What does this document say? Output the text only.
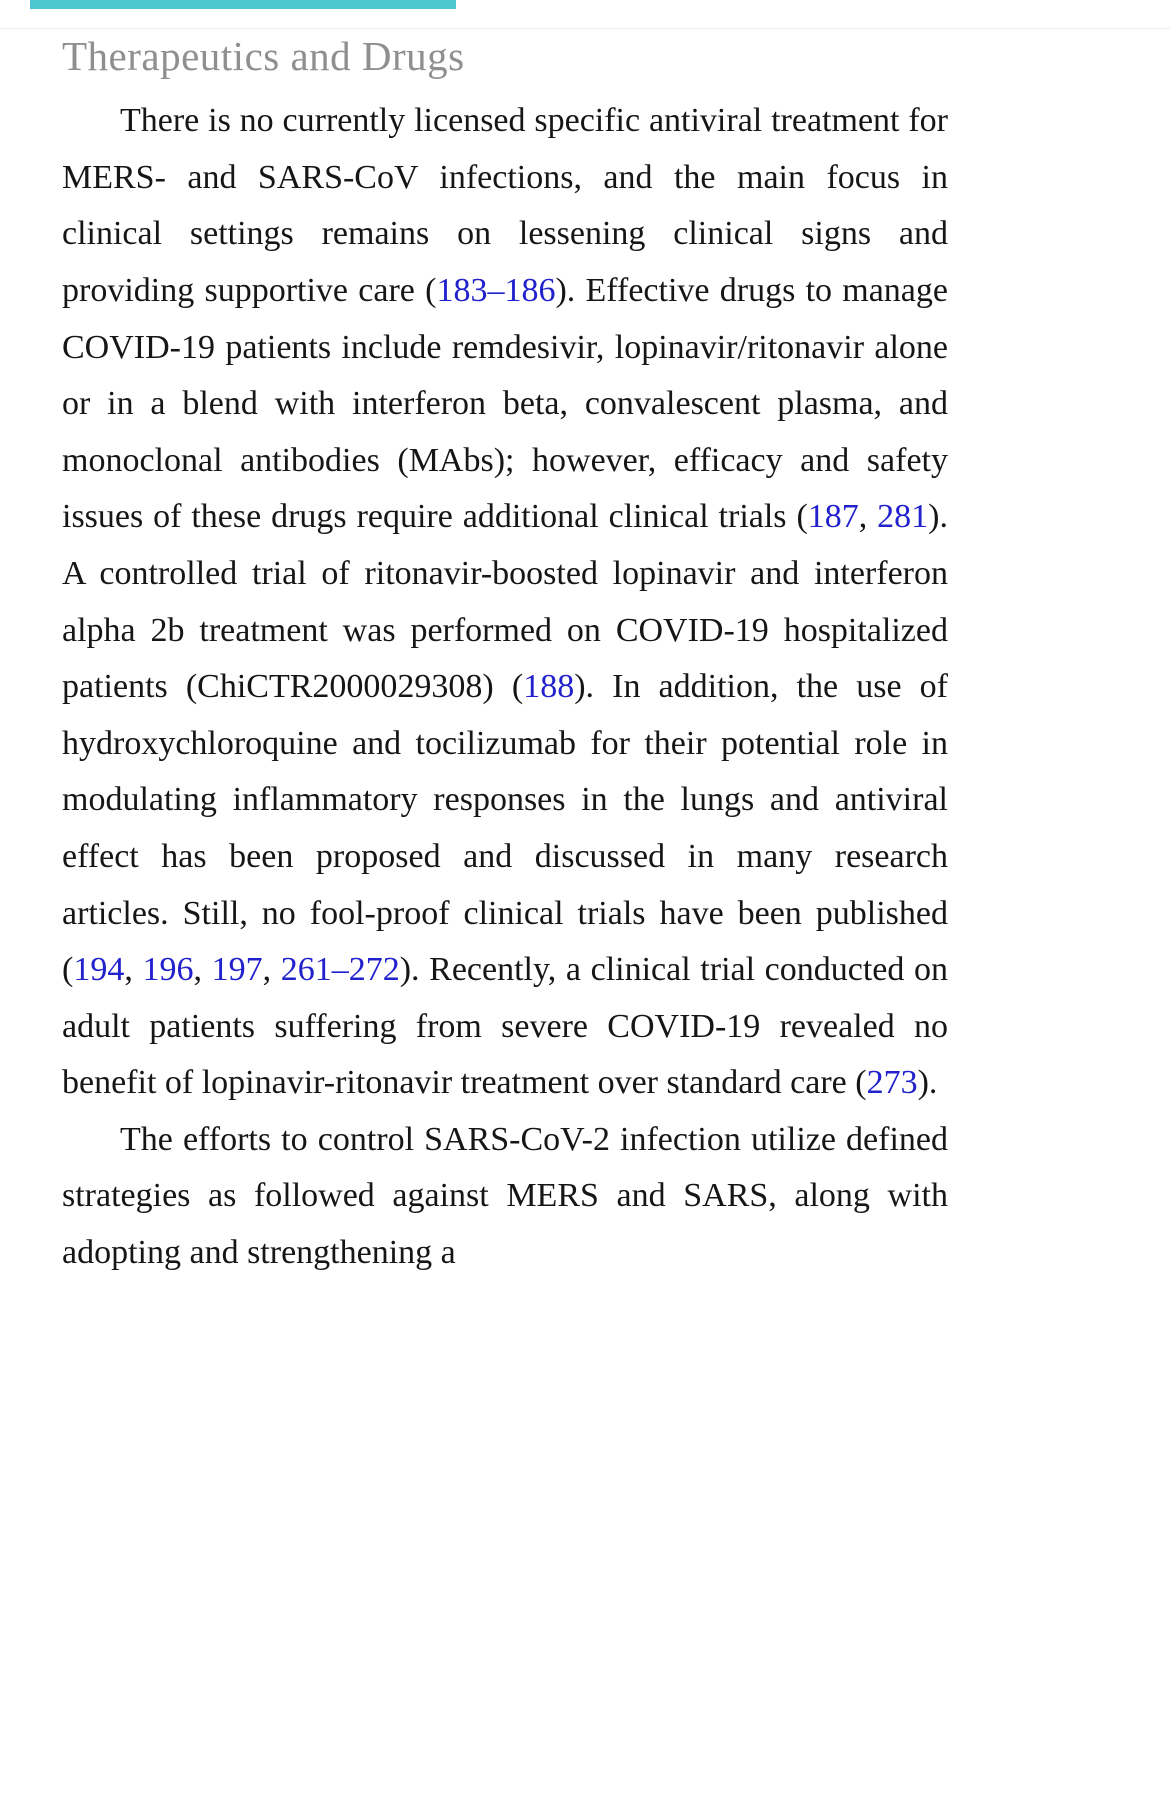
Therapeutics and Drugs

There is no currently licensed specific antiviral treatment for MERS- and SARS-CoV infections, and the main focus in clinical settings remains on lessening clinical signs and providing supportive care (183–186). Effective drugs to manage COVID-19 patients include remdesivir, lopinavir/ritonavir alone or in a blend with interferon beta, convalescent plasma, and monoclonal antibodies (MAbs); however, efficacy and safety issues of these drugs require additional clinical trials (187, 281). A controlled trial of ritonavir-boosted lopinavir and interferon alpha 2b treatment was performed on COVID-19 hospitalized patients (ChiCTR2000029308) (188). In addition, the use of hydroxychloroquine and tocilizumab for their potential role in modulating inflammatory responses in the lungs and antiviral effect has been proposed and discussed in many research articles. Still, no fool-proof clinical trials have been published (194, 196, 197, 261–272). Recently, a clinical trial conducted on adult patients suffering from severe COVID-19 revealed no benefit of lopinavir-ritonavir treatment over standard care (273).

The efforts to control SARS-CoV-2 infection utilize defined strategies as followed against MERS and SARS, along with adopting and strengthening a
